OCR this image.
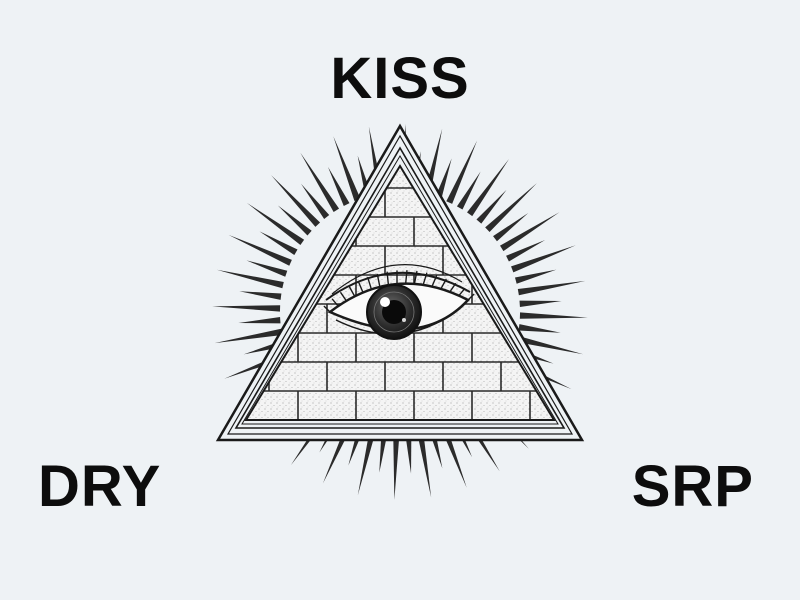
KISS
DRY	SRP
